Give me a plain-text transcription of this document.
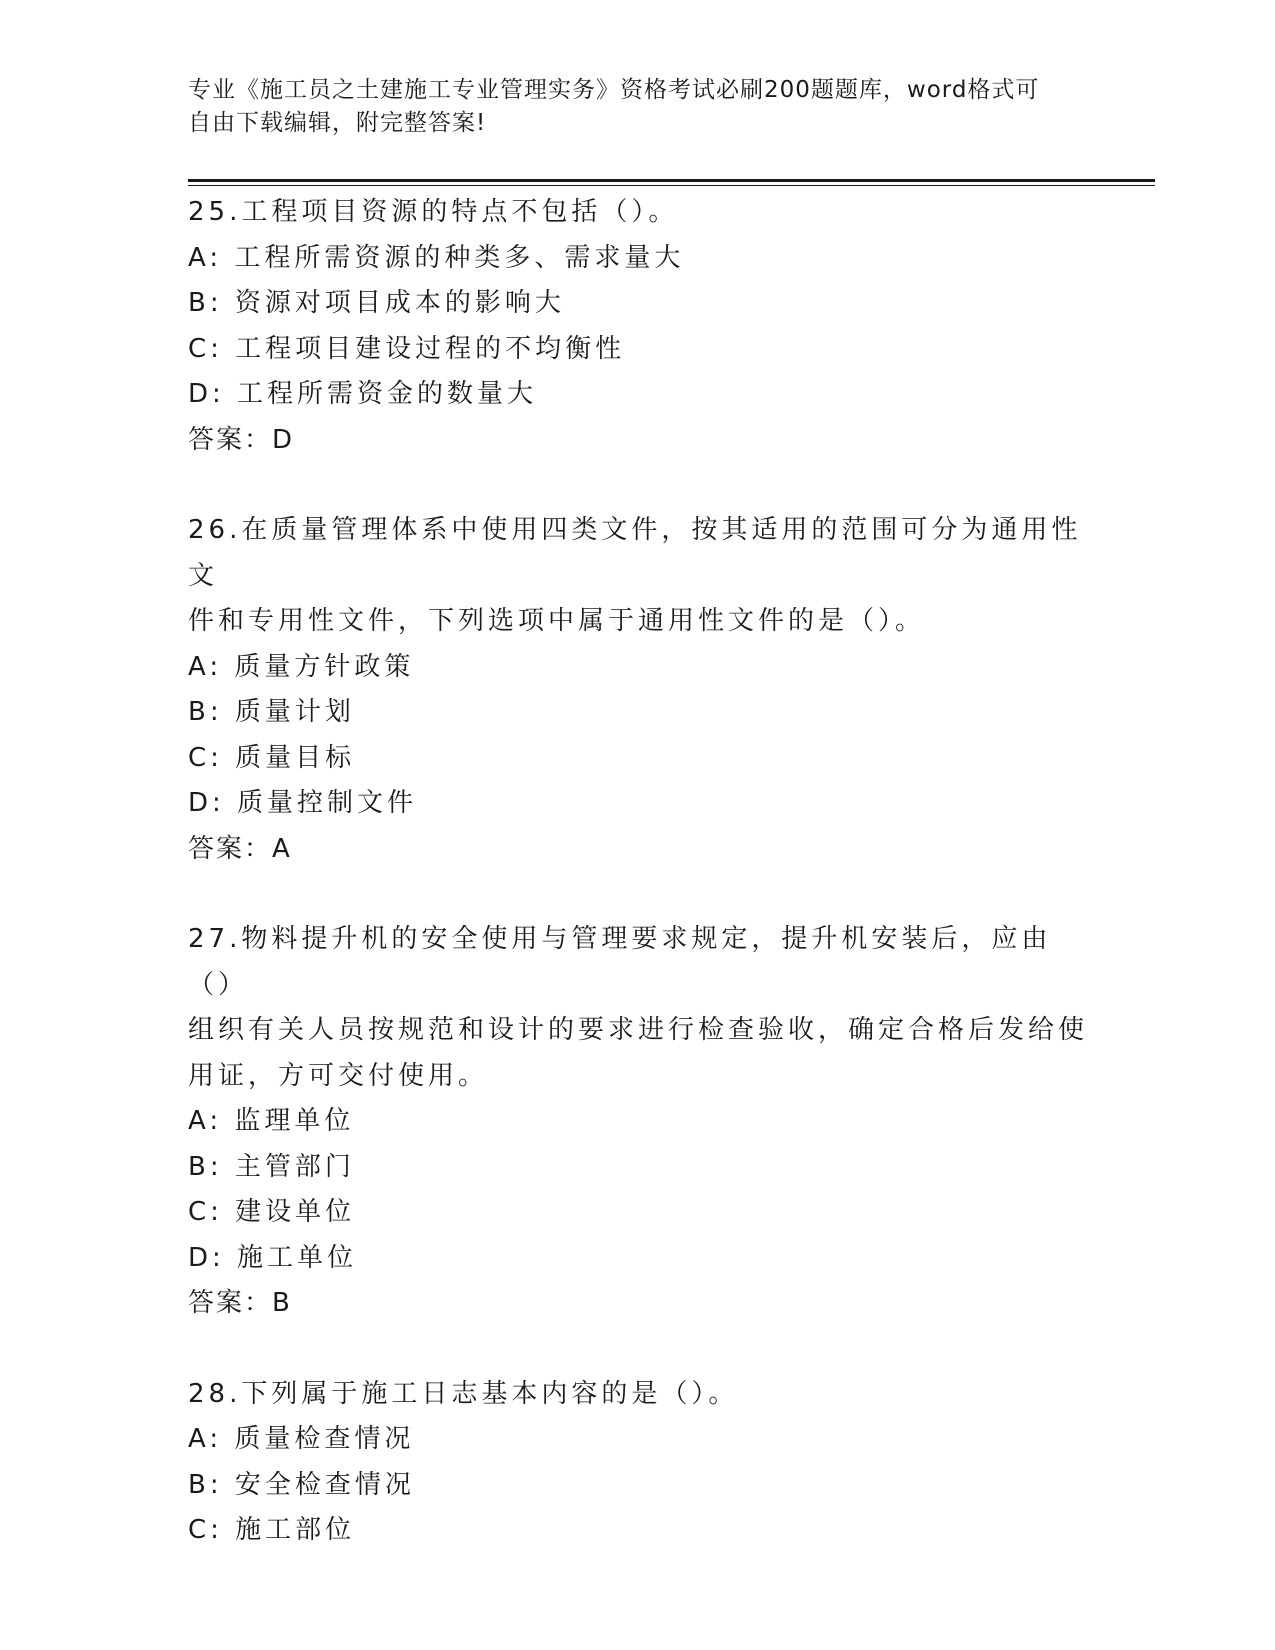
专业《施工员之土建施工专业管理实务》资格考试必刷200题题库，word格式可

自由下载编辑，附完整答案!

25.工程项目资源的特点不包括（）。

A: 工程所需资源的种类多、需求量大

B: 资源对项目成本的影响大

C: 工程项目建设过程的不均衡性

D: 工程所需资金的数量大

答案：D

26.在质量管理体系中使用四类文件，按其适用的范围可分为通用性文

件和专用性文件，下列选项中属于通用性文件的是（）。

A: 质量方针政策

B: 质量计划

C: 质量目标

D: 质量控制文件

答案：A

27.物料提升机的安全使用与管理要求规定，提升机安装后，应由（）

组织有关人员按规范和设计的要求进行检查验收，确定合格后发给使

用证，方可交付使用。

A: 监理单位

B: 主管部门

C: 建设单位

D: 施工单位

答案：B

28.下列属于施工日志基本内容的是（）。

A: 质量检查情况

B: 安全检查情况

C: 施工部位
